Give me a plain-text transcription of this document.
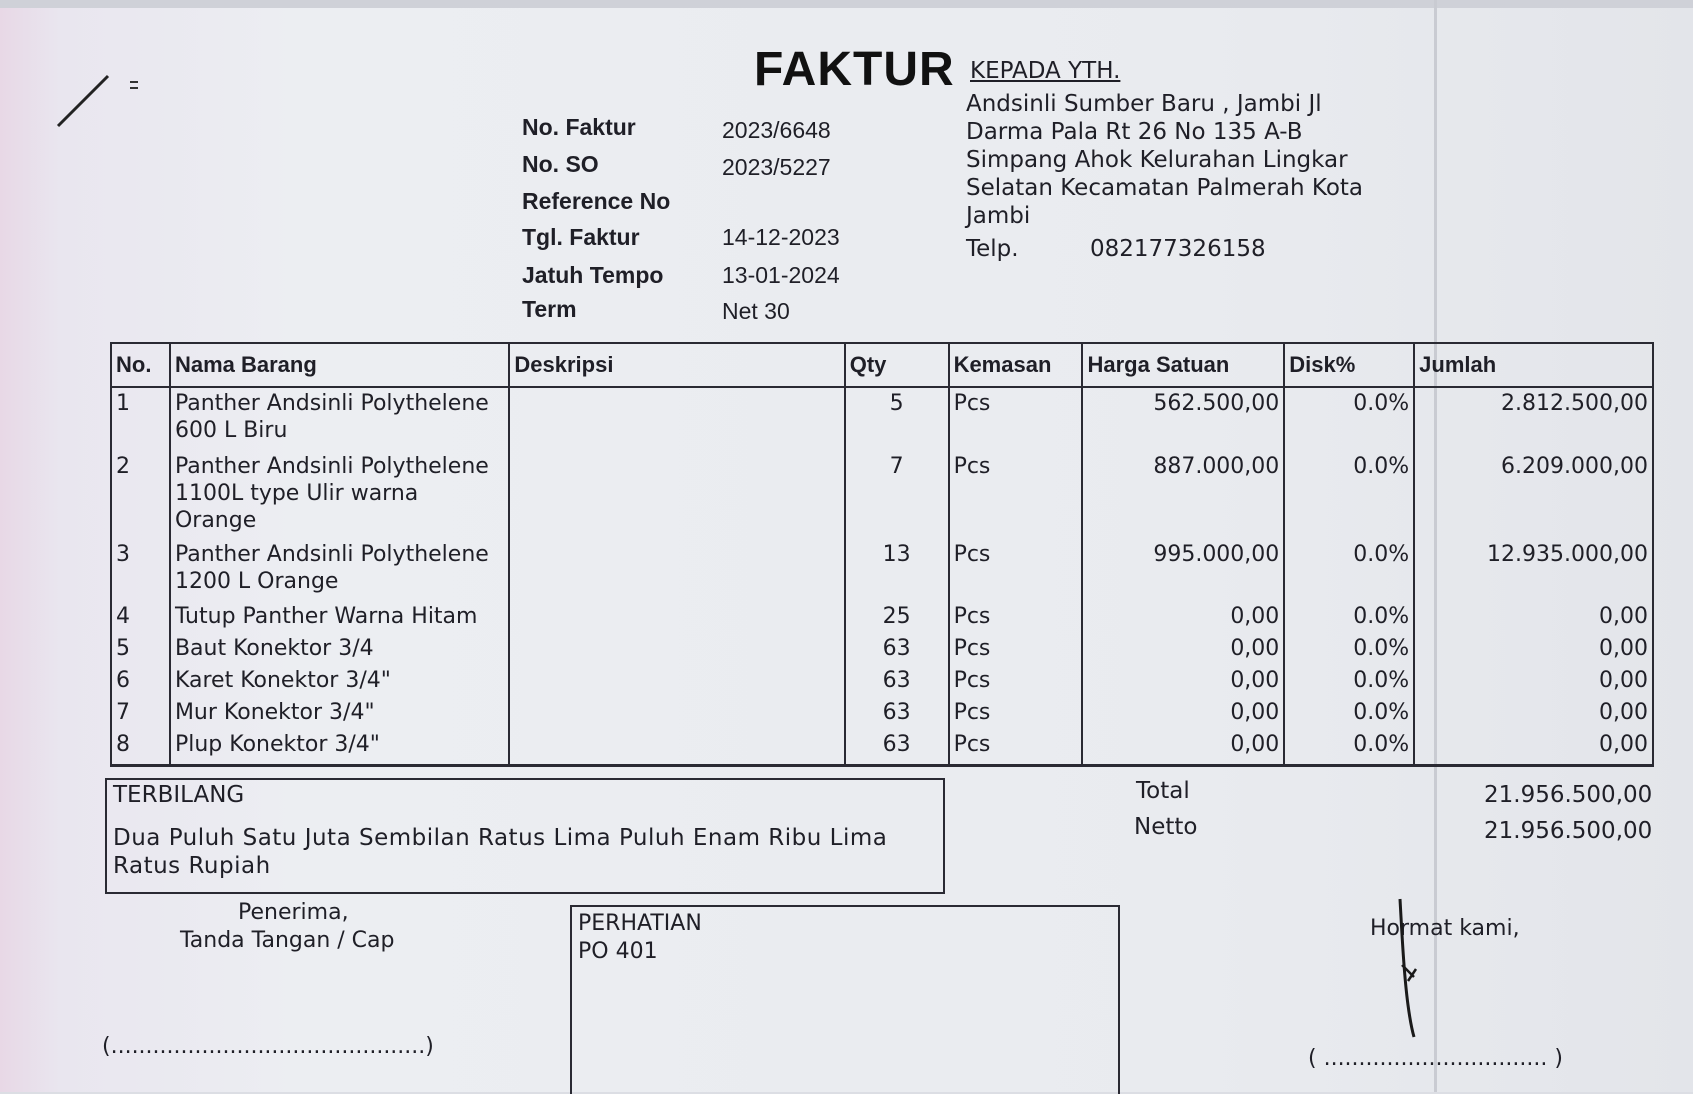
FAKTUR KEPADA YTH.
Andsinli Sumber Baru , Jambi Jl Darma Pala Rt 26 No 135 A-B Simpang Ahok Kelurahan Lingkar Selatan Kecamatan Palmerah Kota Jambi
Telp.	082177326158
No. Faktur	2023/6648
No. SO	2023/5227
Reference No
Tgl. Faktur	14-12-2023
Jatuh Tempo	13-01-2024
Term	Net 30
No.	Nama Barang	Deskripsi	Qty	Kemasan	Harga Satuan	Disk%	Jumlah
1	Panther Andsinli Polythelene 600 L Biru		5	Pcs	562.500,00	0.0%	2.812.500,00
2	Panther Andsinli Polythelene 1100L type Ulir warna Orange		7	Pcs	887.000,00	0.0%	6.209.000,00
3	Panther Andsinli Polythelene 1200 L Orange		13	Pcs	995.000,00	0.0%	12.935.000,00
4	Tutup Panther Warna Hitam		25	Pcs	0,00	0.0%	0,00
5	Baut Konektor 3/4		63	Pcs	0,00	0.0%	0,00
6	Karet Konektor 3/4"		63	Pcs	0,00	0.0%	0,00
7	Mur Konektor 3/4"		63	Pcs	0,00	0.0%	0,00
8	Plup Konektor 3/4"		63	Pcs	0,00	0.0%	0,00
TERBILANG
Dua Puluh Satu Juta Sembilan Ratus Lima Puluh Enam Ribu Lima Ratus Rupiah
Total	21.956.500,00
Netto	21.956.500,00
Penerima,
Tanda Tangan / Cap
(.............................................)
PERHATIAN
PO 401
Hormat kami,
( ................................ )
